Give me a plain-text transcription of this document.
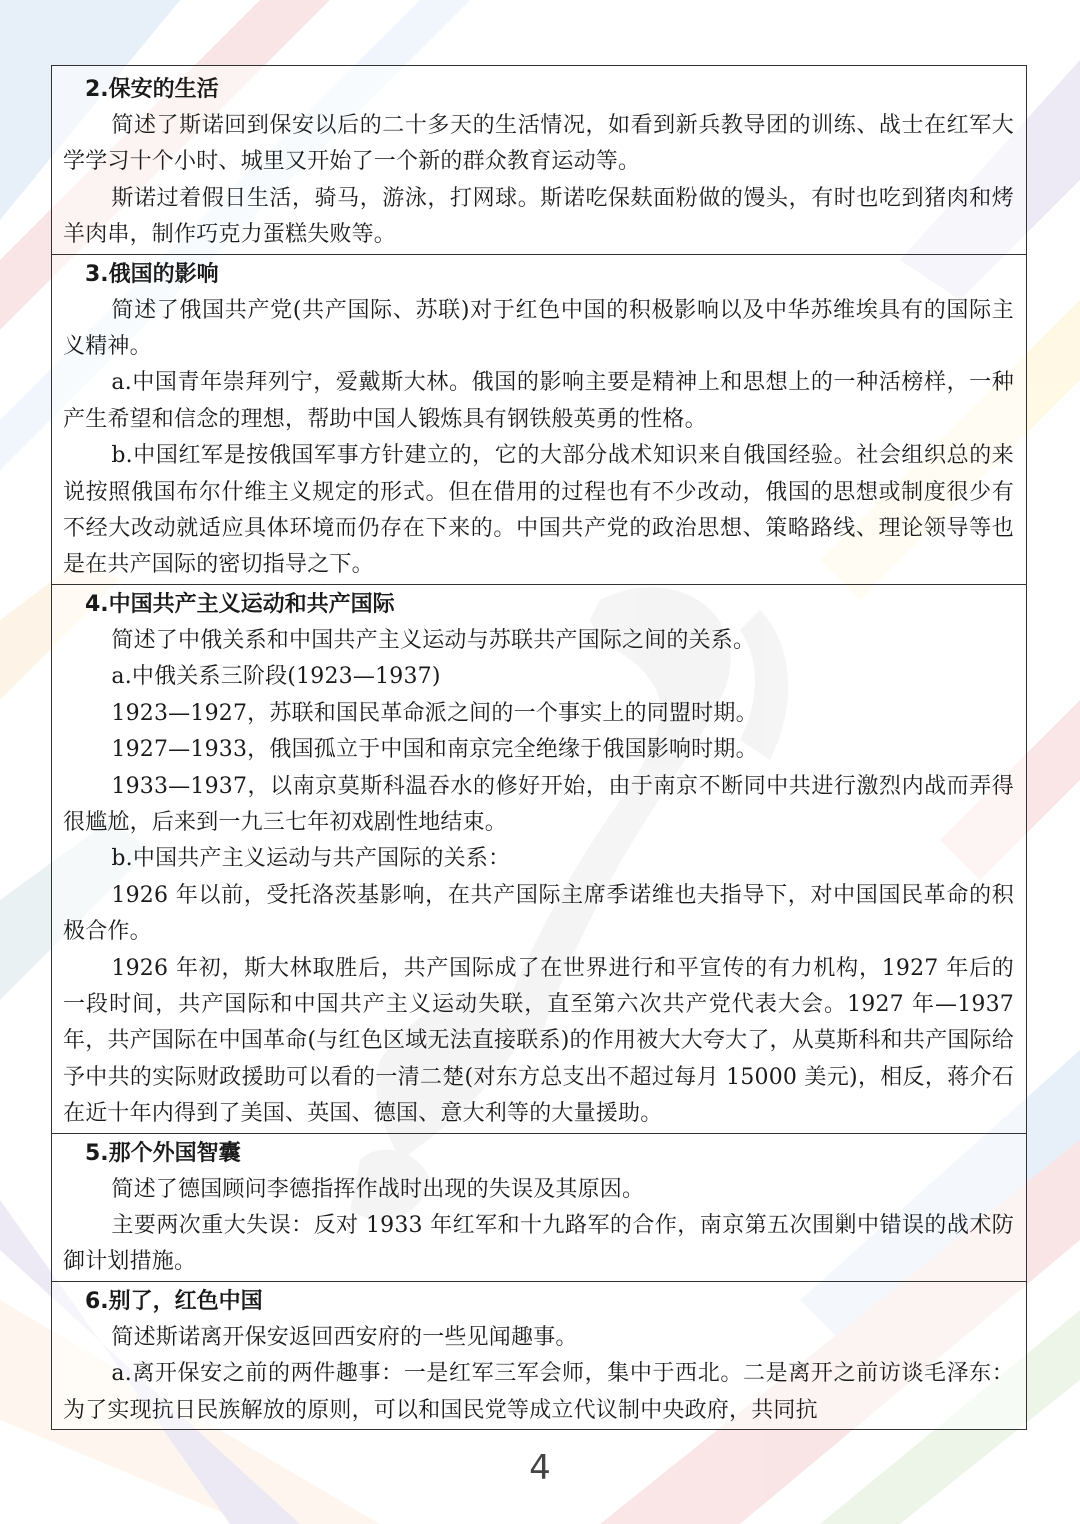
2.保安的生活

简述了斯诺回到保安以后的二十多天的生活情况，如看到新兵教导团的训练、战士在红军大学学习十个小时、城里又开始了一个新的群众教育运动等。

斯诺过着假日生活，骑马，游泳，打网球。斯诺吃保麸面粉做的馒头，有时也吃到猪肉和烤羊肉串，制作巧克力蛋糕失败等。

3.俄国的影响

简述了俄国共产党(共产国际、苏联)对于红色中国的积极影响以及中华苏维埃具有的国际主义精神。

a.中国青年崇拜列宁，爱戴斯大林。俄国的影响主要是精神上和思想上的一种活榜样，一种产生希望和信念的理想，帮助中国人锻炼具有钢铁般英勇的性格。

b.中国红军是按俄国军事方针建立的，它的大部分战术知识来自俄国经验。社会组织总的来说按照俄国布尔什维主义规定的形式。但在借用的过程也有不少改动，俄国的思想或制度很少有不经大改动就适应具体环境而仍存在下来的。中国共产党的政治思想、策略路线、理论领导等也是在共产国际的密切指导之下。

4.中国共产主义运动和共产国际

简述了中俄关系和中国共产主义运动与苏联共产国际之间的关系。

a.中俄关系三阶段(1923—1937)

1923—1927，苏联和国民革命派之间的一个事实上的同盟时期。

1927—1933，俄国孤立于中国和南京完全绝缘于俄国影响时期。

1933—1937，以南京莫斯科温吞水的修好开始，由于南京不断同中共进行激烈内战而弄得很尴尬，后来到一九三七年初戏剧性地结束。

b.中国共产主义运动与共产国际的关系：

1926 年以前，受托洛茨基影响，在共产国际主席季诺维也夫指导下，对中国国民革命的积极合作。

1926 年初，斯大林取胜后，共产国际成了在世界进行和平宣传的有力机构，1927 年后的一段时间，共产国际和中国共产主义运动失联，直至第六次共产党代表大会。1927 年—1937 年，共产国际在中国革命(与红色区域无法直接联系)的作用被大大夸大了，从莫斯科和共产国际给予中共的实际财政援助可以看的一清二楚(对东方总支出不超过每月 15000 美元)，相反，蒋介石在近十年内得到了美国、英国、德国、意大利等的大量援助。

5.那个外国智囊

简述了德国顾问李德指挥作战时出现的失误及其原因。

主要两次重大失误：反对 1933 年红军和十九路军的合作，南京第五次围剿中错误的战术防御计划措施。

6.别了，红色中国

简述斯诺离开保安返回西安府的一些见闻趣事。

a.离开保安之前的两件趣事：一是红军三军会师，集中于西北。二是离开之前访谈毛泽东：为了实现抗日民族解放的原则，可以和国民党等成立代议制中央政府，共同抗

4
